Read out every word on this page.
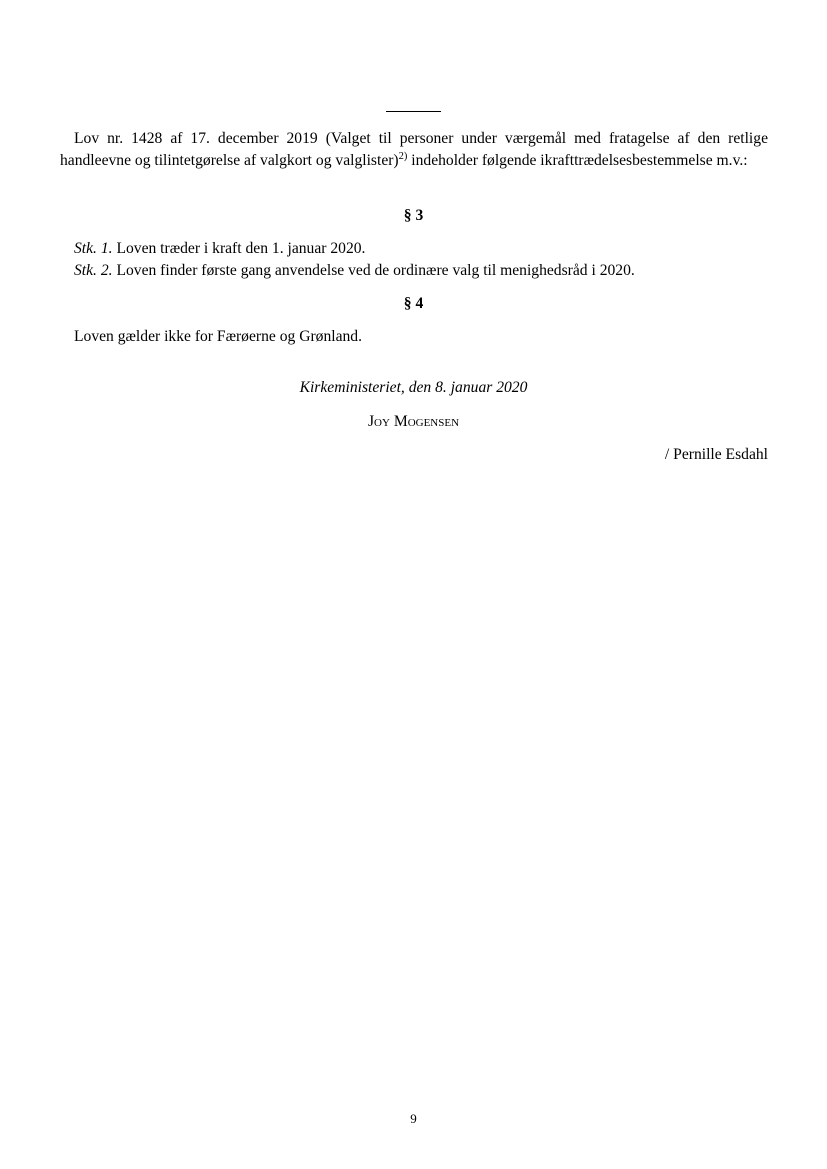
Lov nr. 1428 af 17. december 2019 (Valget til personer under værgemål med fratagelse af den retlige handleevne og tilintetgørelse af valgkort og valglister)$^{2)}$ indeholder følgende ikrafttrædelsesbestemmelse m.v.:

§ 3

Stk. 1. Loven træder i kraft den 1. januar 2020.

Stk. 2. Loven finder første gang anvendelse ved de ordinære valg til menighedsråd i 2020.

§ 4

Loven gælder ikke for Færøerne og Grønland.

Kirkeministeriet, den 8. januar 2020

Joy Mogensen

/ Pernille Esdahl

9
